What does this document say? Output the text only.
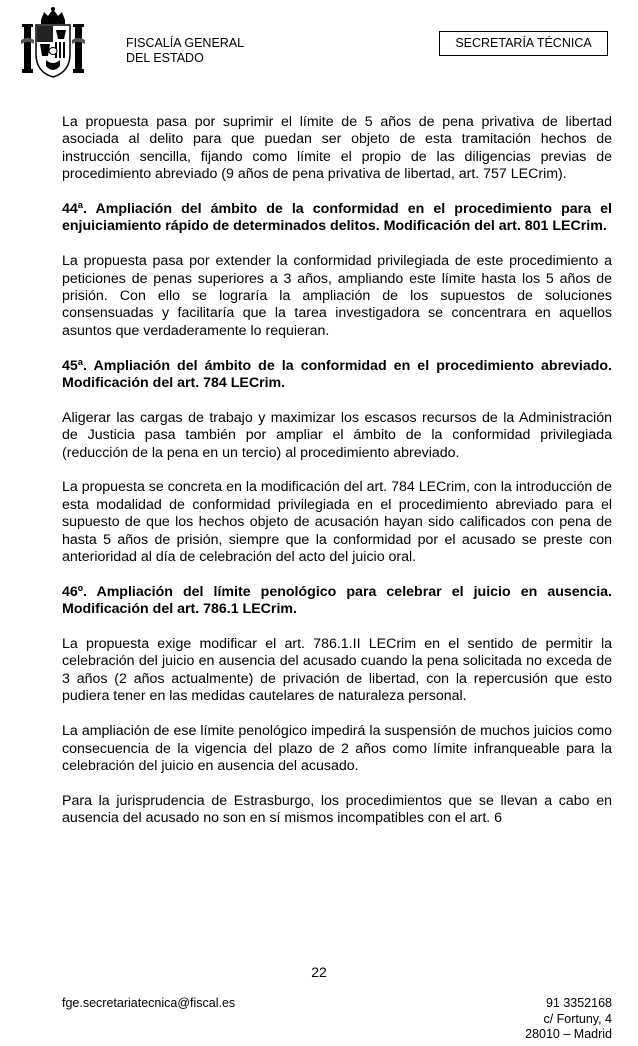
FISCALÍA GENERAL
DEL ESTADO
SECRETARÍA TÉCNICA

La propuesta pasa por suprimir el límite de 5 años de pena privativa de libertad asociada al delito para que puedan ser objeto de esta tramitación hechos de instrucción sencilla, fijando como límite el propio de las diligencias previas de procedimiento abreviado (9 años de pena privativa de libertad, art. 757 LECrim).

44ª. Ampliación del ámbito de la conformidad en el procedimiento para el enjuiciamiento rápido de determinados delitos. Modificación del art. 801 LECrim.

La propuesta pasa por extender la conformidad privilegiada de este procedimiento a peticiones de penas superiores a 3 años, ampliando este límite hasta los 5 años de prisión. Con ello se lograría la ampliación de los supuestos de soluciones consensuadas y facilitaría que la tarea investigadora se concentrara en aquellos asuntos que verdaderamente lo requieran.

45ª. Ampliación del ámbito de la conformidad en el procedimiento abreviado. Modificación del art. 784 LECrim.

Aligerar las cargas de trabajo y maximizar los escasos recursos de la Administración de Justicia pasa también por ampliar el ámbito de la conformidad privilegiada (reducción de la pena en un tercio) al procedimiento abreviado.

La propuesta se concreta en la modificación del art. 784 LECrim, con la introducción de esta modalidad de conformidad privilegiada en el procedimiento abreviado para el supuesto de que los hechos objeto de acusación hayan sido calificados con pena de hasta 5 años de prisión, siempre que la conformidad por el acusado se preste con anterioridad al día de celebración del acto del juicio oral.

46º. Ampliación del límite penológico para celebrar el juicio en ausencia. Modificación del art. 786.1 LECrim.

La propuesta exige modificar el art. 786.1.II LECrim en el sentido de permitir la celebración del juicio en ausencia del acusado cuando la pena solicitada no exceda de 3 años (2 años actualmente) de privación de libertad, con la repercusión que esto pudiera tener en las medidas cautelares de naturaleza personal.

La ampliación de ese límite penológico impedirá la suspensión de muchos juicios como consecuencia de la vigencia del plazo de 2 años como límite infranqueable para la celebración del juicio en ausencia del acusado.

Para la jurisprudencia de Estrasburgo, los procedimientos que se llevan a cabo en ausencia del acusado no son en sí mismos incompatibles con el art. 6

22
fge.secretariatecnica@fiscal.es	91 3352168
c/ Fortuny, 4
28010 – Madrid
